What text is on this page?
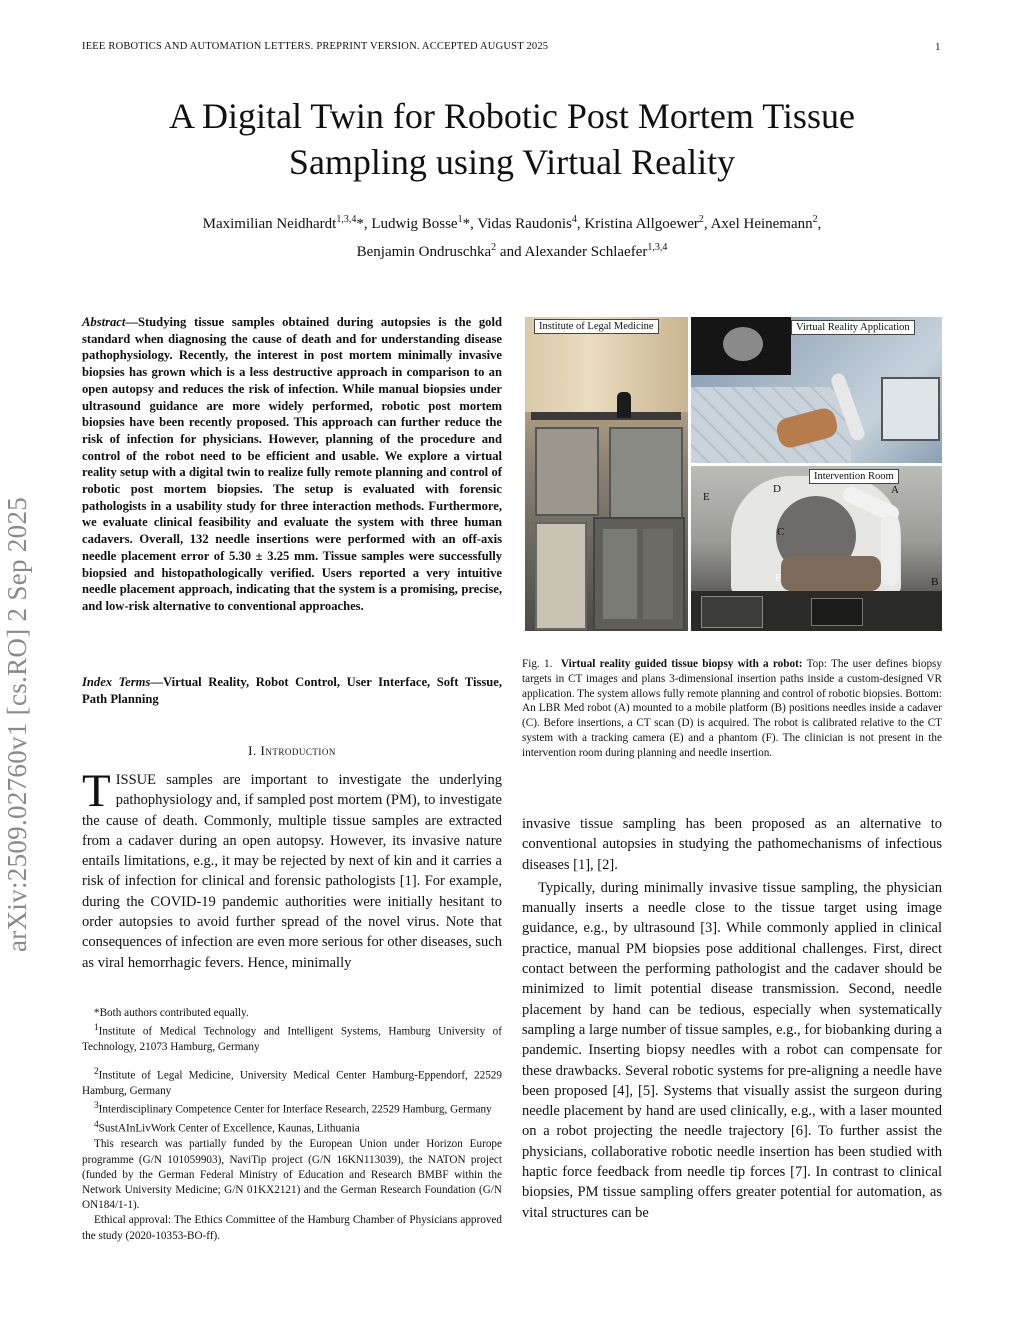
IEEE ROBOTICS AND AUTOMATION LETTERS. PREPRINT VERSION. ACCEPTED AUGUST 2025	1
arXiv:2509.02760v1 [cs.RO] 2 Sep 2025
A Digital Twin for Robotic Post Mortem Tissue
Sampling using Virtual Reality
Maximilian Neidhardt$^{1,3,4}$*, Ludwig Bosse$^1$*, Vidas Raudonis$^4$, Kristina Allgoewer$^2$, Axel Heinemann$^2$,
Benjamin Ondruschka$^2$ and Alexander Schlaefer$^{1,3,4}$
Abstract—Studying tissue samples obtained during autopsies is the gold standard when diagnosing the cause of death and for understanding disease pathophysiology. Recently, the interest in post mortem minimally invasive biopsies has grown which is a less destructive approach in comparison to an open autopsy and reduces the risk of infection. While manual biopsies under ultrasound guidance are more widely performed, robotic post mortem biopsies have been recently proposed. This approach can further reduce the risk of infection for physicians. However, planning of the procedure and control of the robot need to be efficient and usable. We explore a virtual reality setup with a digital twin to realize fully remote planning and control of robotic post mortem biopsies. The setup is evaluated with forensic pathologists in a usability study for three interaction methods. Furthermore, we evaluate clinical feasibility and evaluate the system with three human cadavers. Overall, 132 needle insertions were performed with an off-axis needle placement error of 5.30 ± 3.25 mm. Tissue samples were successfully biopsied and histopathologically verified. Users reported a very intuitive needle placement approach, indicating that the system is a promising, precise, and low-risk alternative to conventional approaches.
Index Terms—Virtual Reality, Robot Control, User Interface, Soft Tissue, Path Planning
I. Introduction

TISSUE samples are important to investigate the underlying pathophysiology and, if sampled post mortem (PM), to investigate the cause of death. Commonly, multiple tissue samples are extracted from a cadaver during an open autopsy. However, its invasive nature entails limitations, e.g., it may be rejected by next of kin and it carries a risk of infection for clinical and forensic pathologists [1]. For example, during the COVID-19 pandemic authorities were initially hesitant to order autopsies to avoid further spread of the novel virus. Note that consequences of infection are even more serious for other diseases, such as viral hemorrhagic fevers. Hence, minimally

*Both authors contributed equally.

$^1$Institute of Medical Technology and Intelligent Systems, Hamburg University of Technology, 21073 Hamburg, Germany

$^2$Institute of Legal Medicine, University Medical Center Hamburg-Eppendorf, 22529 Hamburg, Germany

$^3$Interdisciplinary Competence Center for Interface Research, 22529 Hamburg, Germany

$^4$SustAInLivWork Center of Excellence, Kaunas, Lithuania

This research was partially funded by the European Union under Horizon Europe programme (G/N 101059903), NaviTip project (G/N 16KN113039), the NATON project (funded by the German Federal Ministry of Education and Research BMBF within the Network University Medicine; G/N 01KX2121) and the German Research Foundation (G/N ON184/1-1).

Ethical approval: The Ethics Committee of the Hamburg Chamber of Physicians approved the study (2020-10353-BO-ff).

Institute of Legal Medicine	Virtual Reality Application
Intervention Room
A
B
C
D
E
F
Fig. 1. Virtual reality guided tissue biopsy with a robot: Top: The user defines biopsy targets in CT images and plans 3-dimensional insertion paths inside a custom-designed VR application. The system allows fully remote planning and control of robotic biopsies. Bottom: An LBR Med robot (A) mounted to a mobile platform (B) positions needles inside a cadaver (C). Before insertions, a CT scan (D) is acquired. The robot is calibrated relative to the CT system with a tracking camera (E) and a phantom (F). The clinician is not present in the intervention room during planning and needle insertion.

invasive tissue sampling has been proposed as an alternative to conventional autopsies in studying the pathomechanisms of infectious diseases [1], [2].

Typically, during minimally invasive tissue sampling, the physician manually inserts a needle close to the tissue target using image guidance, e.g., by ultrasound [3]. While commonly applied in clinical practice, manual PM biopsies pose additional challenges. First, direct contact between the performing pathologist and the cadaver should be minimized to limit potential disease transmission. Second, needle placement by hand can be tedious, especially when systematically sampling a large number of tissue samples, e.g., for biobanking during a pandemic. Inserting biopsy needles with a robot can compensate for these drawbacks. Several robotic systems for pre-aligning a needle have been proposed [4], [5]. Systems that visually assist the surgeon during needle placement by hand are used clinically, e.g., with a laser mounted on a robot projecting the needle trajectory [6]. To further assist the physicians, collaborative robotic needle insertion has been studied with haptic force feedback from needle tip forces [7]. In contrast to clinical biopsies, PM tissue sampling offers greater potential for automation, as vital structures can be
